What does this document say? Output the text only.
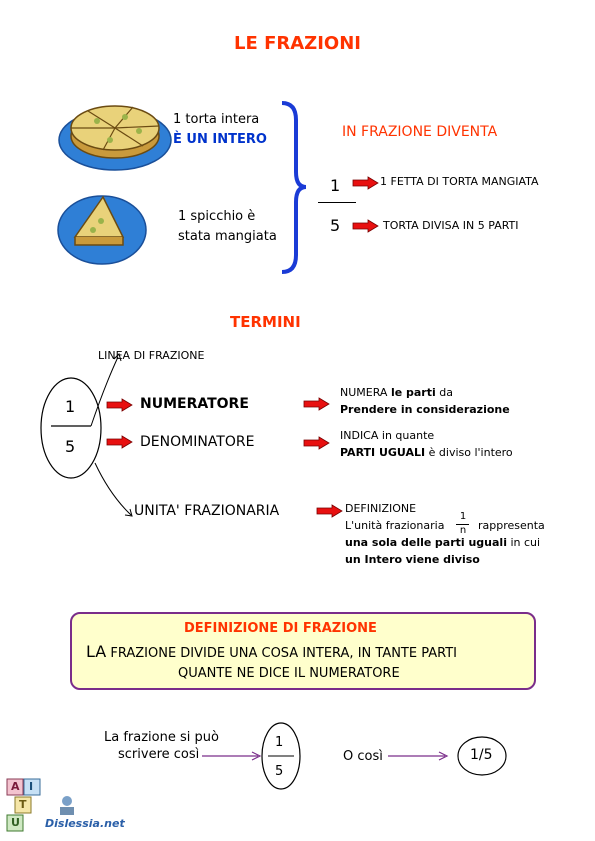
LE FRAZIONI
1 torta intera
È UN INTERO
1 spicchio è
stata mangiata
IN FRAZIONE DIVENTA
1
5
1 FETTA DI TORTA MANGIATA
TORTA DIVISA IN 5 PARTI
TERMINI
LINEA DI FRAZIONE
1
5
NUMERATORE
DENOMINATORE
UNITA' FRAZIONARIA
NUMERA le parti da
Prendere in considerazione
INDICA in quante
PARTI UGUALI è diviso l'intero
DEFINIZIONE
L'unità frazionaria
1
n rappresenta
una sola delle parti uguali in cui
un Intero viene diviso
DEFINIZIONE DI FRAZIONE
LA FRAZIONE DIVIDE UNA COSA INTERA, IN TANTE PARTI
QUANTE NE DICE IL NUMERATORE
La frazione si può
scrivere così
1
5
O così	1/5
A I
T
U Dislessia.net
